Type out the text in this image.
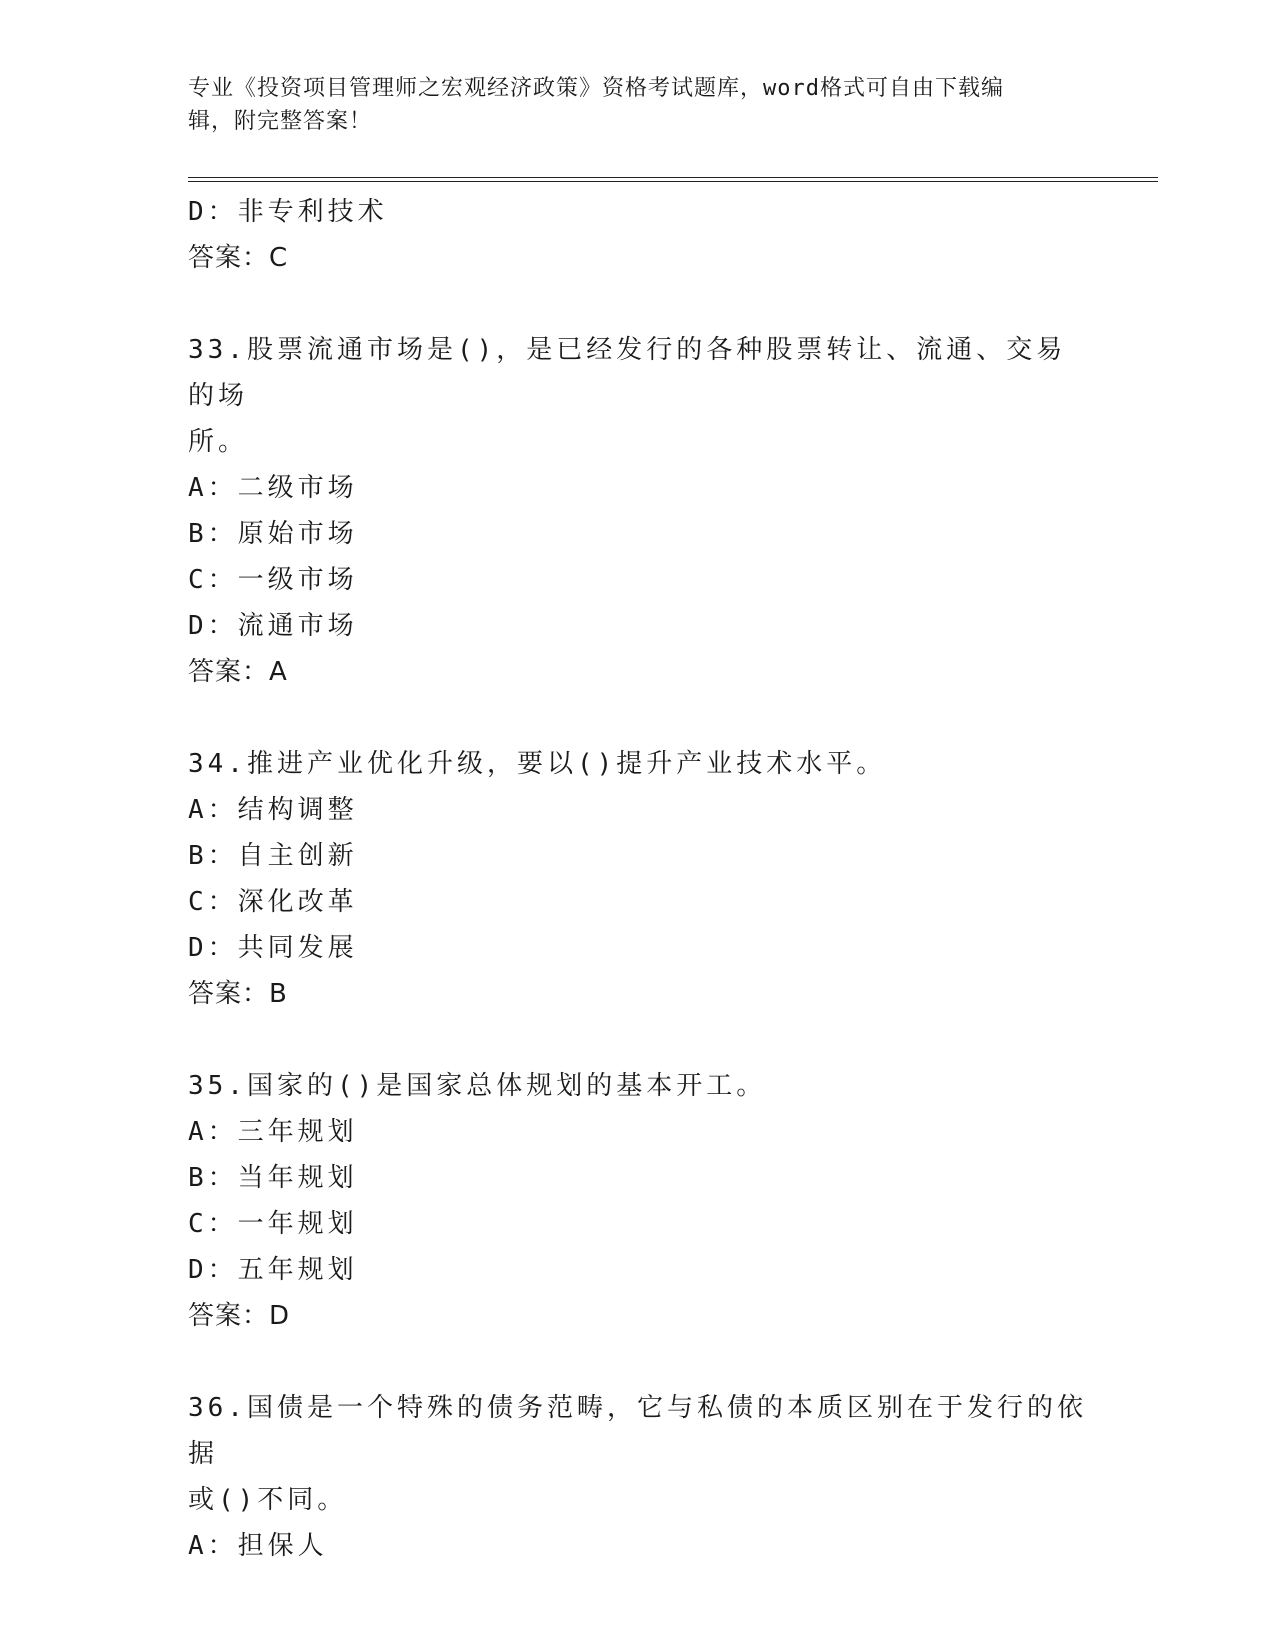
专业《投资项目管理师之宏观经济政策》资格考试题库，word格式可自由下载编
辑，附完整答案！
D：非专利技术
答案：C
33.股票流通市场是()，是已经发行的各种股票转让、流通、交易的场
所。
A：二级市场
B：原始市场
C：一级市场
D：流通市场
答案：A
34.推进产业优化升级，要以()提升产业技术水平。
A：结构调整
B：自主创新
C：深化改革
D：共同发展
答案：B
35.国家的()是国家总体规划的基本开工。
A：三年规划
B：当年规划
C：一年规划
D：五年规划
答案：D
36.国债是一个特殊的债务范畴，它与私债的本质区别在于发行的依据
或()不同。
A：担保人
